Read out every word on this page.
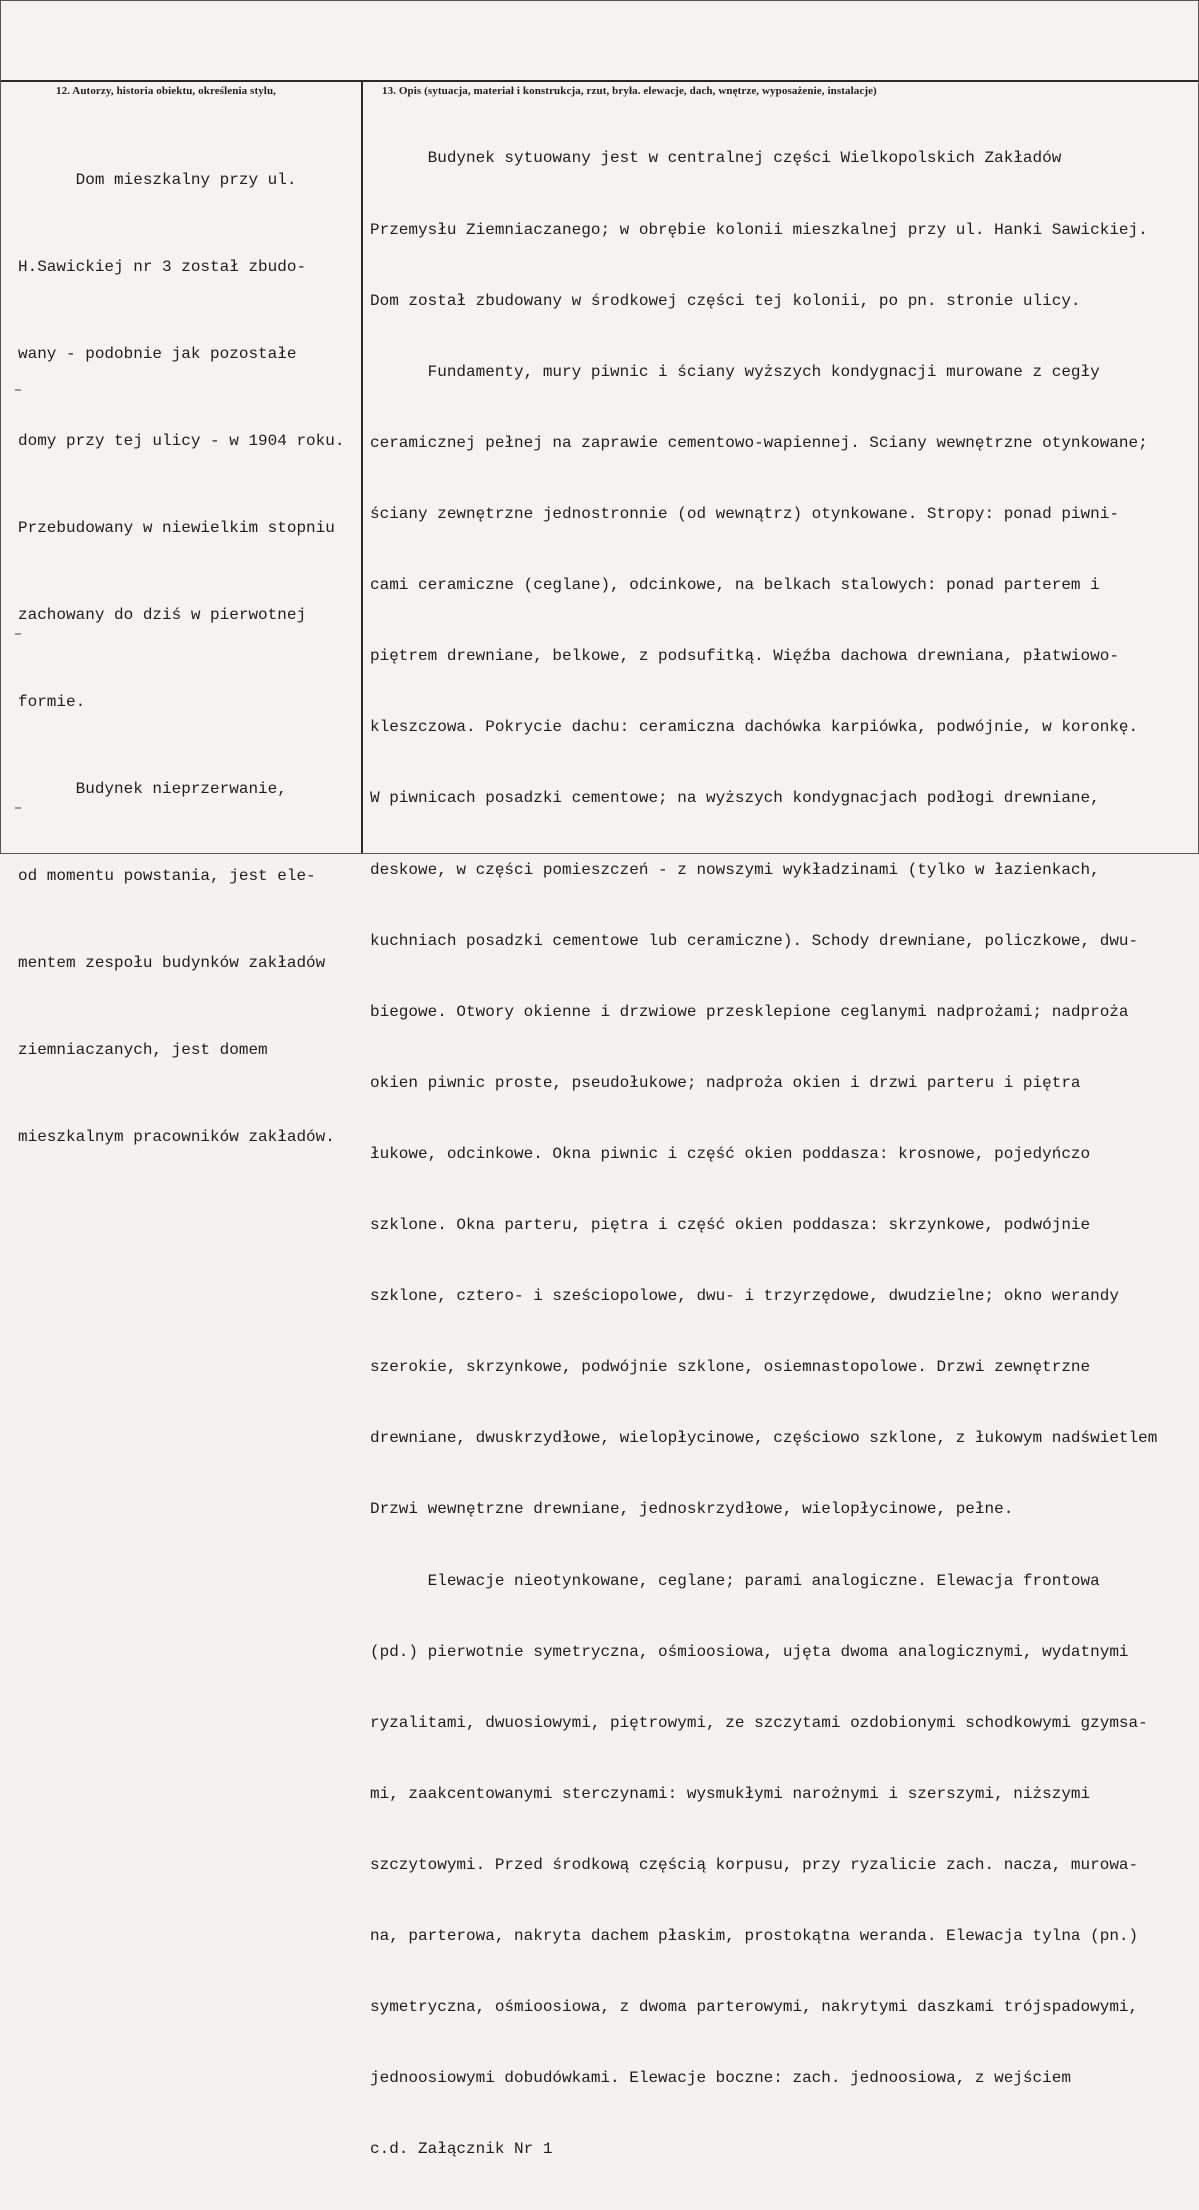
12. Autorzy, historia obiektu, określenia stylu,	13. Opis (sytuacja, materiał i konstrukcja, rzut, bryła. elewacje, dach, wnętrze, wyposażenie, instalacje)

Dom mieszkalny przy ul.

H.Sawickiej nr 3 został zbudo-

wany - podobnie jak pozostałe

domy przy tej ulicy - w 1904 roku.

Przebudowany w niewielkim stopniu

zachowany do dziś w pierwotnej

formie.

Budynek nieprzerwanie,

od momentu powstania, jest ele-

mentem zespołu budynków zakładów

ziemniaczanych, jest domem

mieszkalnym pracowników zakładów.

Budynek sytuowany jest w centralnej części Wielkopolskich Zakładów

Przemysłu Ziemniaczanego; w obrębie kolonii mieszkalnej przy ul. Hanki Sawickiej.

Dom został zbudowany w środkowej części tej kolonii, po pn. stronie ulicy.

Fundamenty, mury piwnic i ściany wyższych kondygnacji murowane z cegły

ceramicznej pełnej na zaprawie cementowo-wapiennej. Sciany wewnętrzne otynkowane;

ściany zewnętrzne jednostronnie (od wewnątrz) otynkowane. Stropy: ponad piwni-

cami ceramiczne (ceglane), odcinkowe, na belkach stalowych: ponad parterem i

piętrem drewniane, belkowe, z podsufitką. Więźba dachowa drewniana, płatwiowo-

kleszczowa. Pokrycie dachu: ceramiczna dachówka karpiówka, podwójnie, w koronkę.

W piwnicach posadzki cementowe; na wyższych kondygnacjach podłogi drewniane,

deskowe, w części pomieszczeń - z nowszymi wykładzinami (tylko w łazienkach,

kuchniach posadzki cementowe lub ceramiczne). Schody drewniane, policzkowe, dwu-

biegowe. Otwory okienne i drzwiowe przesklepione ceglanymi nadprożami; nadproża

okien piwnic proste, pseudołukowe; nadproża okien i drzwi parteru i piętra

łukowe, odcinkowe. Okna piwnic i część okien poddasza: krosnowe, pojedyńczo

szklone. Okna parteru, piętra i część okien poddasza: skrzynkowe, podwójnie

szklone, cztero- i sześciopolowe, dwu- i trzyrzędowe, dwudzielne; okno werandy

szerokie, skrzynkowe, podwójnie szklone, osiemnastopolowe. Drzwi zewnętrzne

drewniane, dwuskrzydłowe, wielopłycinowe, częściowo szklone, z łukowym nadświetlem

Drzwi wewnętrzne drewniane, jednoskrzydłowe, wielopłycinowe, pełne.

Elewacje nieotynkowane, ceglane; parami analogiczne. Elewacja frontowa

(pd.) pierwotnie symetryczna, ośmioosiowa, ujęta dwoma analogicznymi, wydatnymi

ryzalitami, dwuosiowymi, piętrowymi, ze szczytami ozdobionymi schodkowymi gzymsa-

mi, zaakcentowanymi sterczynami: wysmukłymi narożnymi i szerszymi, niższymi

szczytowymi. Przed środkową częścią korpusu, przy ryzalicie zach. nacza, murowa-

na, parterowa, nakryta dachem płaskim, prostokątna weranda. Elewacja tylna (pn.)

symetryczna, ośmioosiowa, z dwoma parterowymi, nakrytymi daszkami trójspadowymi,

jednoosiowymi dobudówkami. Elewacje boczne: zach. jednoosiowa, z wejściem

c.d. Załącznik Nr 1
